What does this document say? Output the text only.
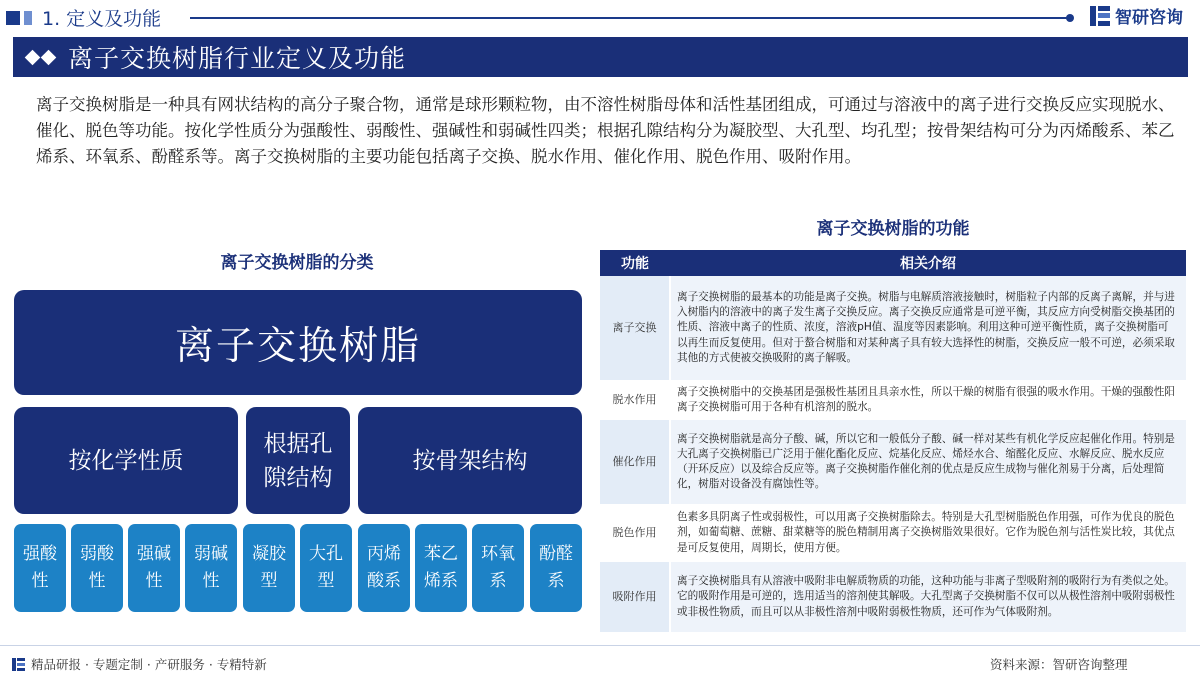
1. 定义及功能	智研咨询
离子交换树脂行业定义及功能
离子交换树脂是一种具有网状结构的高分子聚合物，通常是球形颗粒物，由不溶性树脂母体和活性基团组成，可通过与溶液中的离子进行交换反应实现脱水、催化、脱色等功能。按化学性质分为强酸性、弱酸性、强碱性和弱碱性四类；根据孔隙结构分为凝胶型、大孔型、均孔型；按骨架结构可分为丙烯酸系、苯乙烯系、环氧系、酚醛系等。离子交换树脂的主要功能包括离子交换、脱水作用、催化作用、脱色作用、吸附作用。
离子交换树脂的分类
离子交换树脂
按化学性质
根据孔隙结构
按骨架结构
强酸性
弱酸性
强碱性
弱碱性
凝胶型
大孔型
丙烯酸系
苯乙烯系
环氧系
酚醛系
离子交换树脂的功能
功能	相关介绍
离子交换	离子交换树脂的最基本的功能是离子交换。树脂与电解质溶液接触时，树脂粒子内部的反离子离解，并与进入树脂内的溶液中的离子发生离子交换反应。离子交换反应通常是可逆平衡，其反应方向受树脂交换基团的性质、溶液中离子的性质、浓度，溶液pH值、温度等因素影响。利用这种可逆平衡性质，离子交换树脂可以再生而反复使用。但对于螯合树脂和对某种离子具有较大选择性的树脂，交换反应一般不可逆，必须采取其他的方式使被交换吸附的离子解吸。
脱水作用	离子交换树脂中的交换基团是强极性基团且具亲水性，所以干燥的树脂有很强的吸水作用。干燥的强酸性阳离子交换树脂可用于各种有机溶剂的脱水。
催化作用	离子交换树脂就是高分子酸、碱，所以它和一般低分子酸、碱一样对某些有机化学反应起催化作用。特别是大孔离子交换树脂已广泛用于催化酯化反应、烷基化反应、烯烃水合、缩醛化反应、水解反应、脱水反应（开环反应）以及综合反应等。离子交换树脂作催化剂的优点是反应生成物与催化剂易于分离，后处理简化，树脂对设备没有腐蚀性等。
脱色作用	色素多具阴离子性或弱极性，可以用离子交换树脂除去。特别是大孔型树脂脱色作用强，可作为优良的脱色剂，如葡萄糖、蔗糖、甜菜糖等的脱色精制用离子交换树脂效果很好。它作为脱色剂与活性炭比较，其优点是可反复使用，周期长，使用方便。
吸附作用	离子交换树脂具有从溶液中吸附非电解质物质的功能，这种功能与非离子型吸附剂的吸附行为有类似之处。它的吸附作用是可逆的，选用适当的溶剂使其解吸。大孔型离子交换树脂不仅可以从极性溶剂中吸附弱极性或非极性物质，而且可以从非极性溶剂中吸附弱极性物质，还可作为气体吸附剂。
精品研报 · 专题定制 · 产研服务 · 专精特新	资料来源：智研咨询整理
